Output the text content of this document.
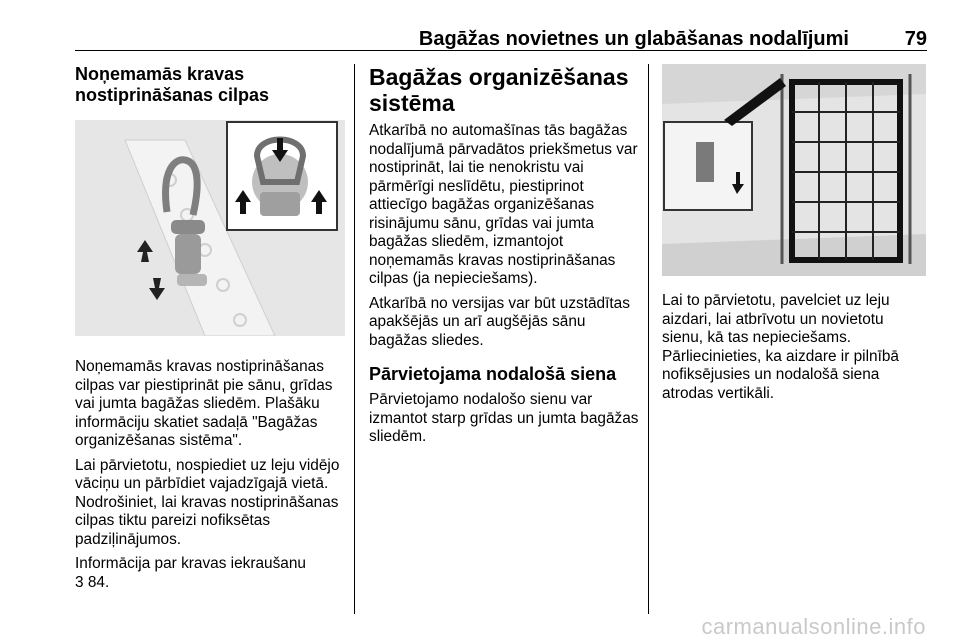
Bagāžas novietnes un glabāšanas nodalījumi	79
Noņemamās kravas nostiprināšanas cilpas

Noņemamās kravas nostiprināšanas cilpas var piestiprināt pie sānu, grīdas vai jumta bagāžas sliedēm. Plašāku informāciju skatiet sadaļā "Bagāžas organizēšanas sistēma".

Lai pārvietotu, nospiediet uz leju vidējo vāciņu un pārbīdiet vajadzīgajā vietā. Nodrošiniet, lai kravas nostiprināšanas cilpas tiktu pareizi nofiksētas padziļinājumos.

Informācija par kravas iekraušanu
3 84.

Bagāžas organizēšanas sistēma

Atkarībā no automašīnas tās bagāžas nodalījumā pārvadātos priekšmetus var nostiprināt, lai tie nenokristu vai pārmērīgi neslīdētu, piestiprinot attiecīgo bagāžas organizēšanas risinājumu sānu, grīdas vai jumta bagāžas sliedēm, izmantojot noņemamās kravas nostiprināšanas cilpas (ja nepieciešams).

Atkarībā no versijas var būt uzstādītas apakšējās un arī augšējās sānu bagāžas sliedes.

Pārvietojama nodalošā siena

Pārvietojamo nodalošo sienu var izmantot starp grīdas un jumta bagāžas sliedēm.

Lai to pārvietotu, pavelciet uz leju aizdari, lai atbrīvotu un novietotu sienu, kā tas nepieciešams. Pārliecinieties, ka aizdare ir pilnībā nofiksējusies un nodalošā siena atrodas vertikāli.

carmanualsonline.info
